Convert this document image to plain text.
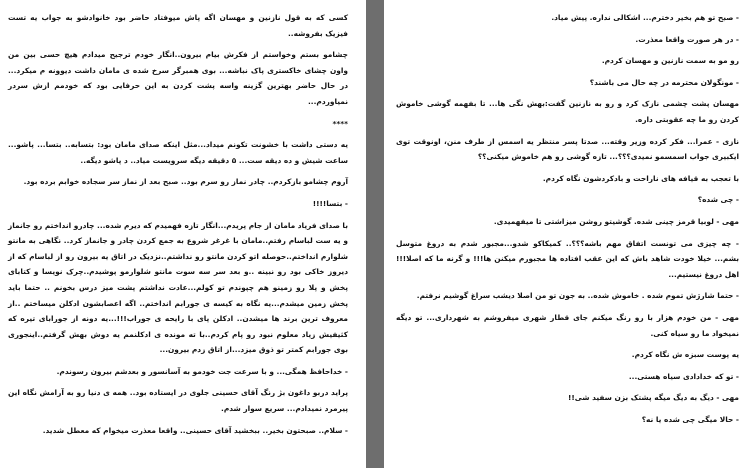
کسی که به قول نازنین و مهسان اگه پاش میوفتاد حاضر بود خانوادشو به جواب یه تست فیزیک بفروشه..

چشامو بستم وخواستم از فکرش بیام بیرون..انگار خودم ترجیح میدادم هیچ حسی بین من واون چشای خاکستری پاک نباشه... بوی همبرگر سرخ شده ی مامان داشت دیوونه م میکرد... در حال حاضر بهترین گزینه واسه پشت کردن به این حرفایی بود که خودمم ازش سردر نمیاوردم...

****

یه دستی داشت با خشونت تکونم میداد...مثل اینکه صدای مامان بود: بتسابه.. بتسا... پاشو... ساعت شیش و ده دیقه ست... ۵ دقیقه دیگه سرویست میاد.. د پاشو دیگه..

آروم چشامو بازکردم.. چادر نماز رو سرم بود.. صبح بعد از نماز سر سجاده خوابم برده بود.

- بتسا!!!!

با صدای فریاد مامان از جام پریدم...انگار تازه فهمیدم که دیرم شده... چادرو انداختم رو جانماز و یه ست لباسام رفتم..مامان با غرغر شروع به جمع کردن چادر و جانماز کرد.. نگاهی به مانتو شلوارم انداختم..حوصله اتو کردن مانتو رو نداشتم..نزدیک در اتاق یه بیرون رو از لباسام که از دیروز خاکی بود رو نبینه ..و بعد سر سه سوت مانتو شلوارمو پوشیدم..چرک نویسا و کتابای پخش و پلا رو زمینو هم چپوندم تو کولم...عادت نداشتم پشت میز درس بخونم .. حتما باید پخش زمین میشدم...یه نگاه به کیسه ی جورابم انداختم.. اگه اعصابشون ادکلن میساختم ..از معروف ترین برند ها میشدن.. ادکلن پای با رایحه ی جوراب!!!...یه دونه از جورابای تیره که کثیفیش زیاد معلوم نبود رو پام کردم..با ته مونده ی ادکلنمم یه دوش بهش گرفتم..اینجوری بوی جورابم کمتر تو ذوق میزد...از اتاق زدم بیرون...

- خداحافظ همگی... و با سرعت جت خودمو به آسانسور و بعدشم بیرون رسوندم.

پراید دربو داغون بژ رنگ آقای حسینی جلوی در ایستاده بود.. همه ی دنیا رو به آرامش نگاه این پیرمرد نمیدادم... سریع سوار شدم.

- سلام.. صبحتون بخیر.. ببخشید آقای حسینی.. واقعا معذرت میخوام که معطل شدید.

- صبح تو هم بخیر دخترم... اشکالی نداره. پیش میاد.

- در هر صورت واقعا معذرت.

رو مو به سمت نازنین و مهسان کردم.

- مونگولان محترمه در چه حال می باشند؟

مهسان پشت چشمی نازک کرد و رو به نازنین گفت:بهش نگی ها... تا بفهمه گوشی خاموش کردن رو ما چه عقوبتی داره.

نازی - عمرا... فکر کرده وزیر وقته... صدتا پسر منتظر یه اسمس از طرف منن، اونوقت توی ایکبیری جواب اسمسمو نمیدی؟؟؟... تازه گوشی رو هم خاموش میکنی؟؟

با تعجب به قیافه های ناراحت و بادکردشون نگاه کردم.

- چی شده؟

مهی - لوبیا قرمز چینی شده. گوشیتو روشن میزاشتی تا میفهمیدی.

- چه چیزی می تونست اتفاق مهم باشه؟؟؟.. کمیکاکو شدو...مجبور شدم به دروغ متوسل بشم... خیلا خودت شاهد باش که این عقب افتاده ها مجبورم میکنن ها!!! و گرنه ما که اصلا!!! اهل دروغ نیستیم...

- حتما شارژش تموم شده . خاموش شده.. به جون تو من اصلا دیشب سراغ گوشیم نرفتم.

مهی - من خودم هزار با رو رنگ میکنم جای قطار شهری میفروشم به شهرداری... تو دیگه نمیخواد ما رو سیاه کنی.

یه پوست سبزه ش نگاه کردم.

- تو که خدادادی سیاه هستی...

مهی - دیگ به دیگ میگه پشتک بزن سفید شی!!

- حالا میگی چی شده یا نه؟
